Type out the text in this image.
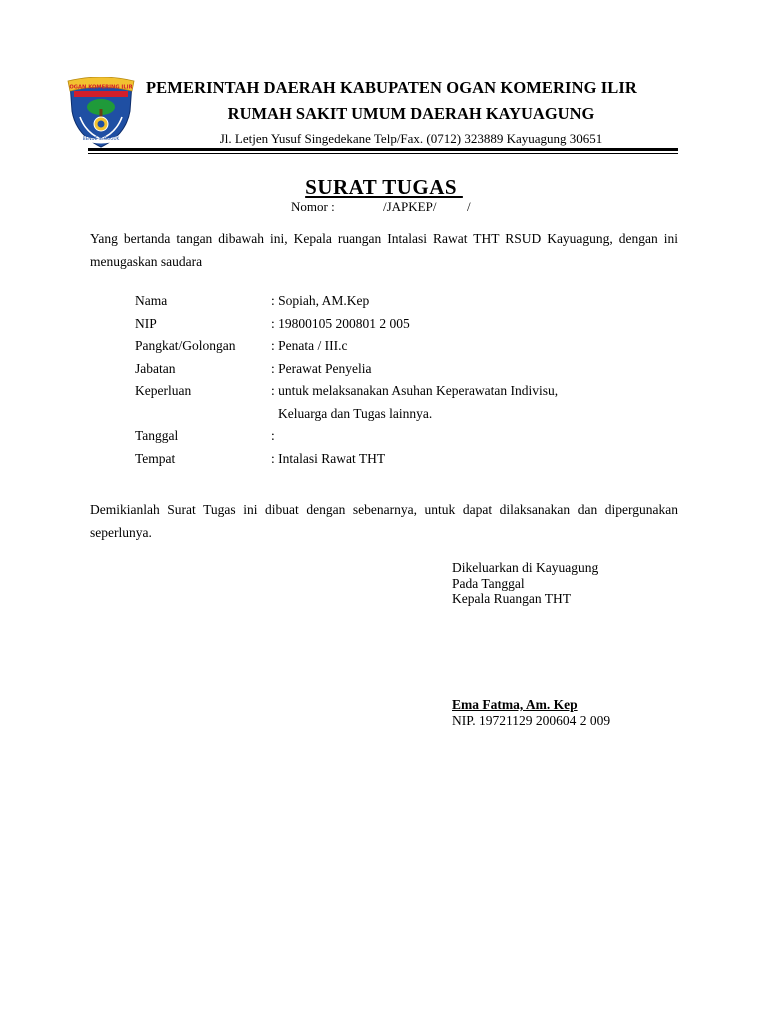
OGAN KOMERING ILIR
BENDE SEGUGUK
PEMERINTAH DAERAH KABUPATEN OGAN KOMERING ILIR
RUMAH SAKIT UMUM DAERAH KAYUAGUNG
Jl. Letjen Yusuf Singedekane Telp/Fax. (0712) 323889 Kayuagung 30651
SURAT TUGAS
Nomor :	/JAPKEP/ /
Yang bertanda tangan dibawah ini, Kepala ruangan Intalasi Rawat THT RSUD Kayuagung, dengan ini menugaskan saudara
Nama	: Sopiah, AM.Kep
NIP	: 19800105 200801 2 005
Pangkat/Golongan	: Penata / III.c
Jabatan	: Perawat Penyelia
Keperluan	: untuk melaksanakan Asuhan Keperawatan Indivisu,
Keluarga dan Tugas lainnya.
Tanggal	:
Tempat	: Intalasi Rawat THT
Demikianlah Surat Tugas ini dibuat dengan sebenarnya, untuk dapat dilaksanakan dan dipergunakan seperlunya.
Dikeluarkan di Kayuagung
Pada Tanggal
Kepala Ruangan THT
Ema Fatma, Am. Kep
NIP. 19721129 200604 2 009
